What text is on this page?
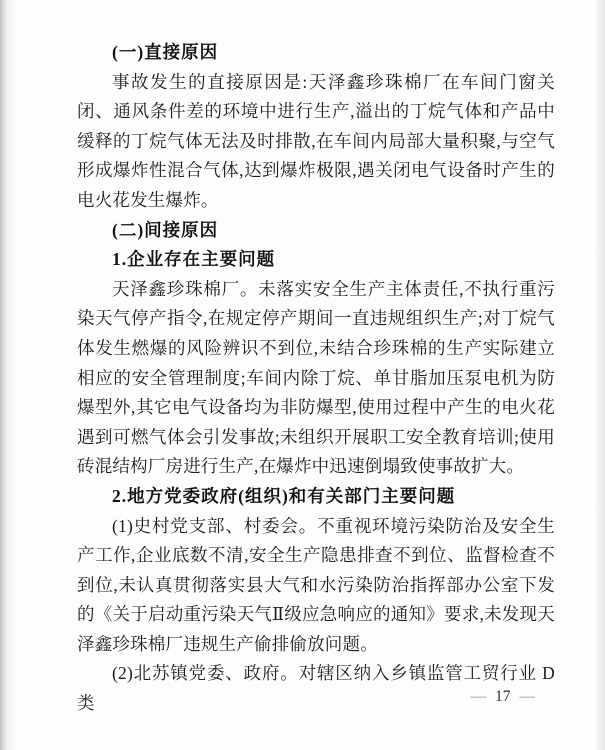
(一)直接原因

事故发生的直接原因是:天泽鑫珍珠棉厂在车间门窗关闭、通风条件差的环境中进行生产,溢出的丁烷气体和产品中缓释的丁烷气体无法及时排散,在车间内局部大量积聚,与空气形成爆炸性混合气体,达到爆炸极限,遇关闭电气设备时产生的电火花发生爆炸。

(二)间接原因

1.企业存在主要问题

天泽鑫珍珠棉厂。未落实安全生产主体责任,不执行重污染天气停产指令,在规定停产期间一直违规组织生产;对丁烷气体发生燃爆的风险辨识不到位,未结合珍珠棉的生产实际建立相应的安全管理制度;车间内除丁烷、单甘脂加压泵电机为防爆型外,其它电气设备均为非防爆型,使用过程中产生的电火花遇到可燃气体会引发事故;未组织开展职工安全教育培训;使用砖混结构厂房进行生产,在爆炸中迅速倒塌致使事故扩大。

2.地方党委政府(组织)和有关部门主要问题

(1)史村党支部、村委会。不重视环境污染防治及安全生产工作,企业底数不清,安全生产隐患排查不到位、监督检查不到位,未认真贯彻落实县大气和水污染防治指挥部办公室下发的《关于启动重污染天气Ⅱ级应急响应的通知》要求,未发现天泽鑫珍珠棉厂违规生产偷排偷放问题。

(2)北苏镇党委、政府。对辖区纳入乡镇监管工贸行业 D 类	— 17 —
